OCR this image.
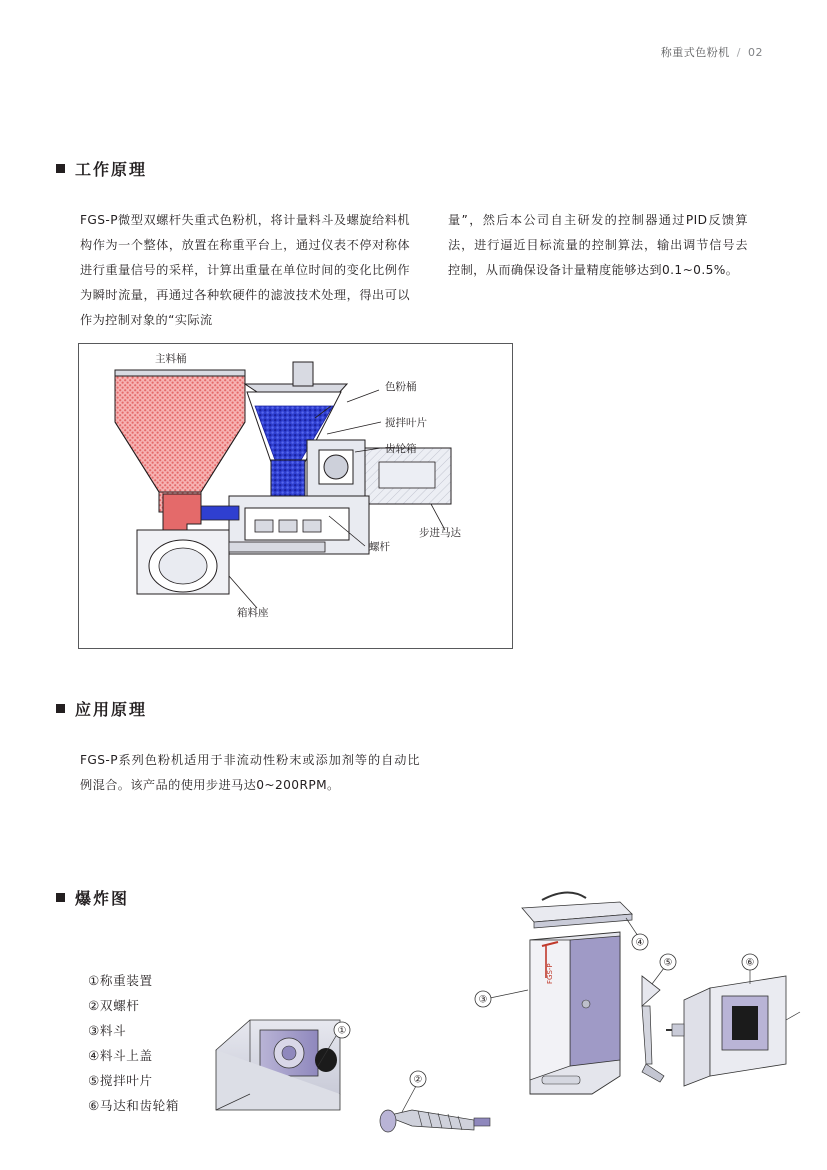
称重式色粉机 / 02
工作原理
FGS-P微型双螺杆失重式色粉机，将计量料斗及螺旋给料机构作为一个整体，放置在称重平台上，通过仪表不停对称体进行重量信号的采样，计算出重量在单位时间的变化比例作为瞬时流量，再通过各种软硬件的滤波技术处理，得出可以作为控制对象的“实际流
量”，然后本公司自主研发的控制器通过PID反馈算法，进行逼近目标流量的控制算法，输出调节信号去控制，从而确保设备计量精度能够达到0.1~0.5%。
色粉桶
搅拌叶片
齿轮箱
步进马达
螺杆
箱料座
主料桶
应用原理
FGS-P系列色粉机适用于非流动性粉末或添加剂等的自动比例混合。该产品的使用步进马达0~200RPM。
爆炸图
①称重装置
②双螺杆
③料斗
④料斗上盖
⑤搅拌叶片
⑥马达和齿轮箱
①
②
④
FGS-P
③
⑤	⑥
